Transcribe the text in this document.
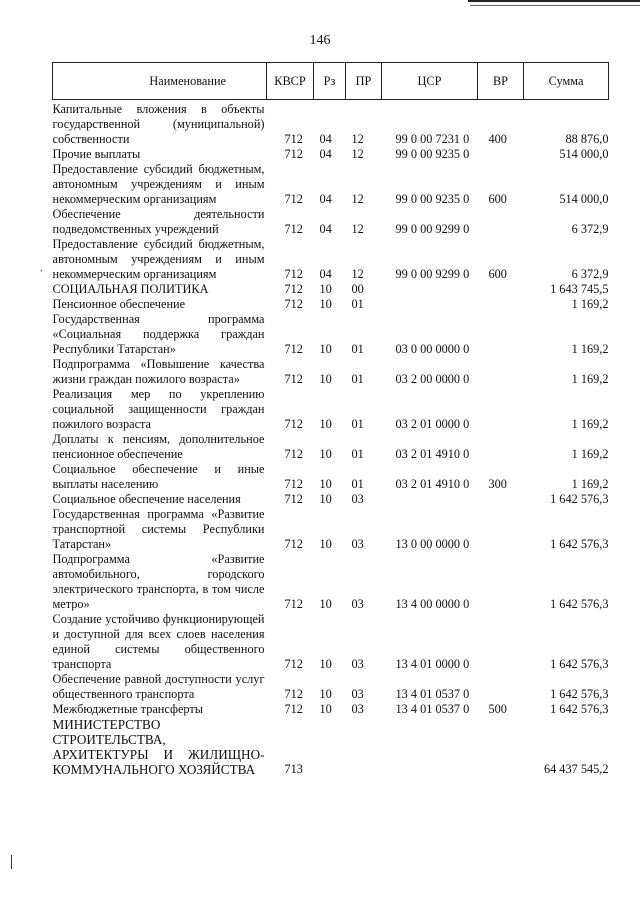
146
,
Наименование	КВСР	Рз	ПР	ЦСР	ВР	Сумма
Капитальные вложения в объекты государственной (муниципальной) собственности	712	04	12	99 0 00 7231 0	400	88 876,0
Прочие выплаты	712	04	12	99 0 00 9235 0		514 000,0
Предоставление субсидий бюджетным, автономным учреждениям и иным некоммерческим организациям	712	04	12	99 0 00 9235 0	600	514 000,0
Обеспечение деятельности подведомственных учреждений	712	04	12	99 0 00 9299 0		6 372,9
Предоставление субсидий бюджетным, автономным учреждениям и иным некоммерческим организациям	712	04	12	99 0 00 9299 0	600	6 372,9
СОЦИАЛЬНАЯ ПОЛИТИКА	712	10	00			1 643 745,5
Пенсионное обеспечение	712	10	01			1 169,2
Государственная программа «Социальная поддержка граждан Республики Татарстан»	712	10	01	03 0 00 0000 0		1 169,2
Подпрограмма «Повышение качества жизни граждан пожилого возраста»	712	10	01	03 2 00 0000 0		1 169,2
Реализация мер по укреплению социальной защищенности граждан пожилого возраста	712	10	01	03 2 01 0000 0		1 169,2
Доплаты к пенсиям, дополнительное пенсионное обеспечение	712	10	01	03 2 01 4910 0		1 169,2
Социальное обеспечение и иные выплаты населению	712	10	01	03 2 01 4910 0	300	1 169,2
Социальное обеспечение населения	712	10	03			1 642 576,3
Государственная программа «Развитие транспортной системы Республики Татарстан»	712	10	03	13 0 00 0000 0		1 642 576,3
Подпрограмма «Развитие автомобильного, городского электрического транспорта, в том числе метро»	712	10	03	13 4 00 0000 0		1 642 576,3
Создание устойчиво функционирующей и доступной для всех слоев населения единой системы общественного транспорта	712	10	03	13 4 01 0000 0		1 642 576,3
Обеспечение равной доступности услуг общественного транспорта	712	10	03	13 4 01 0537 0		1 642 576,3
Межбюджетные трансферты	712	10	03	13 4 01 0537 0	500	1 642 576,3
МИНИСТЕРСТВО СТРОИТЕЛЬСТВА, АРХИТЕКТУРЫ И ЖИЛИЩНО-КОММУНАЛЬНОГО ХОЗЯЙСТВА	713					64 437 545,2
